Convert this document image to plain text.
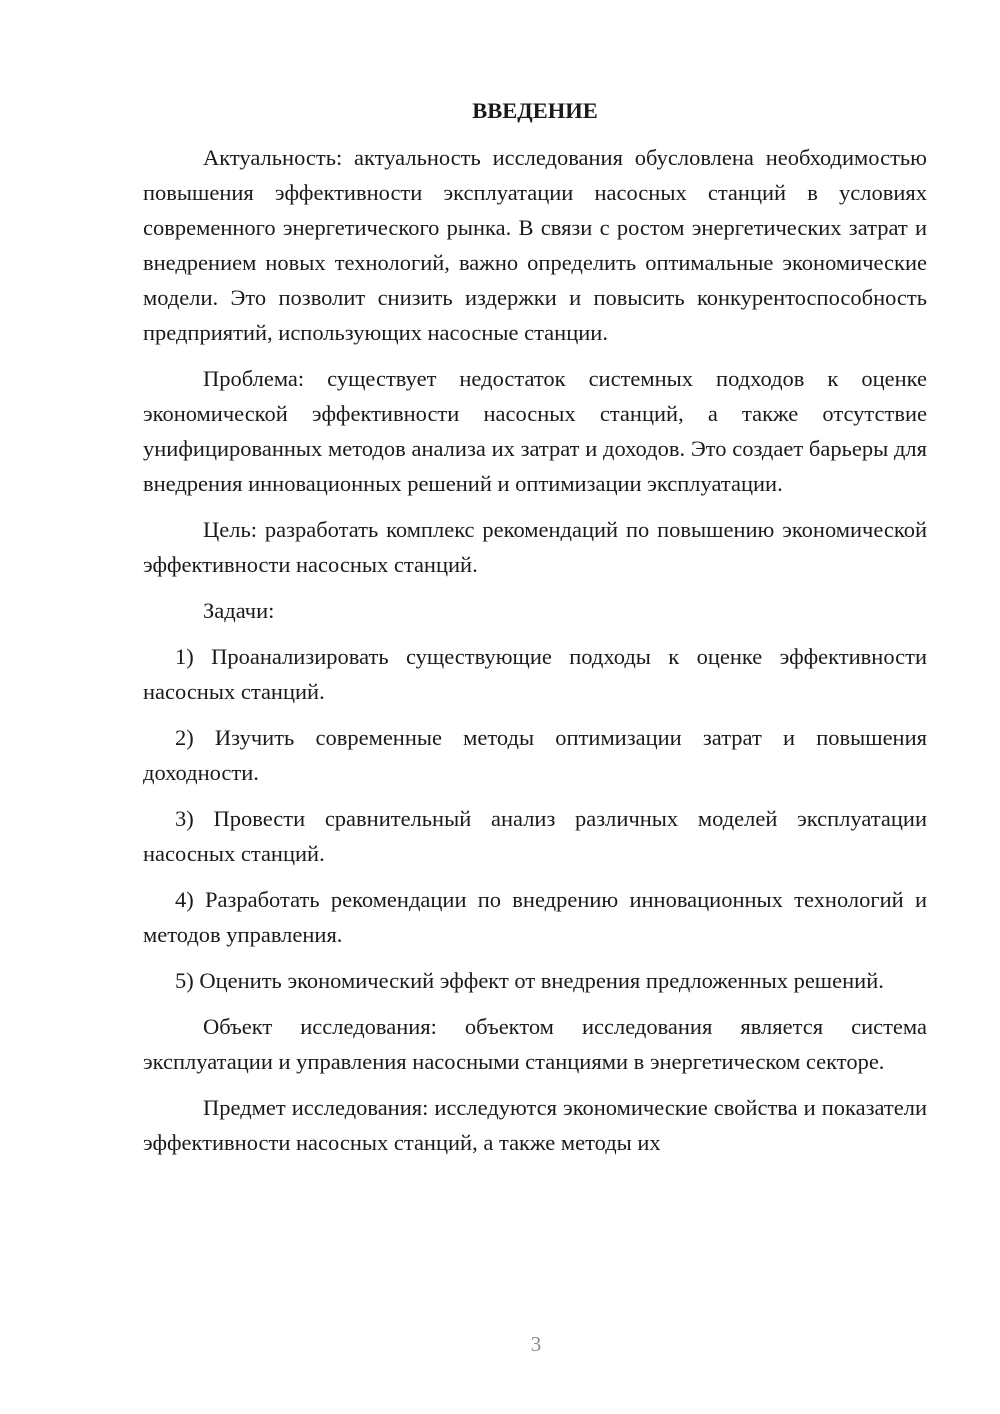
ВВЕДЕНИЕ

Актуальность: актуальность исследования обусловлена необходимостью повышения эффективности эксплуатации насосных станций в условиях современного энергетического рынка. В связи с ростом энергетических затрат и внедрением новых технологий, важно определить оптимальные экономические модели. Это позволит снизить издержки и повысить конкурентоспособность предприятий, использующих насосные станции.

Проблема: существует недостаток системных подходов к оценке экономической эффективности насосных станций, а также отсутствие унифицированных методов анализа их затрат и доходов. Это создает барьеры для внедрения инновационных решений и оптимизации эксплуатации.

Цель: разработать комплекс рекомендаций по повышению экономической эффективности насосных станций.

Задачи:

1) Проанализировать существующие подходы к оценке эффективности насосных станций.

2) Изучить современные методы оптимизации затрат и повышения доходности.

3) Провести сравнительный анализ различных моделей эксплуатации насосных станций.

4) Разработать рекомендации по внедрению инновационных технологий и методов управления.

5) Оценить экономический эффект от внедрения предложенных решений.

Объект исследования: объектом исследования является система эксплуатации и управления насосными станциями в энергетическом секторе.

Предмет исследования: исследуются экономические свойства и показатели эффективности насосных станций, а также методы их

3
